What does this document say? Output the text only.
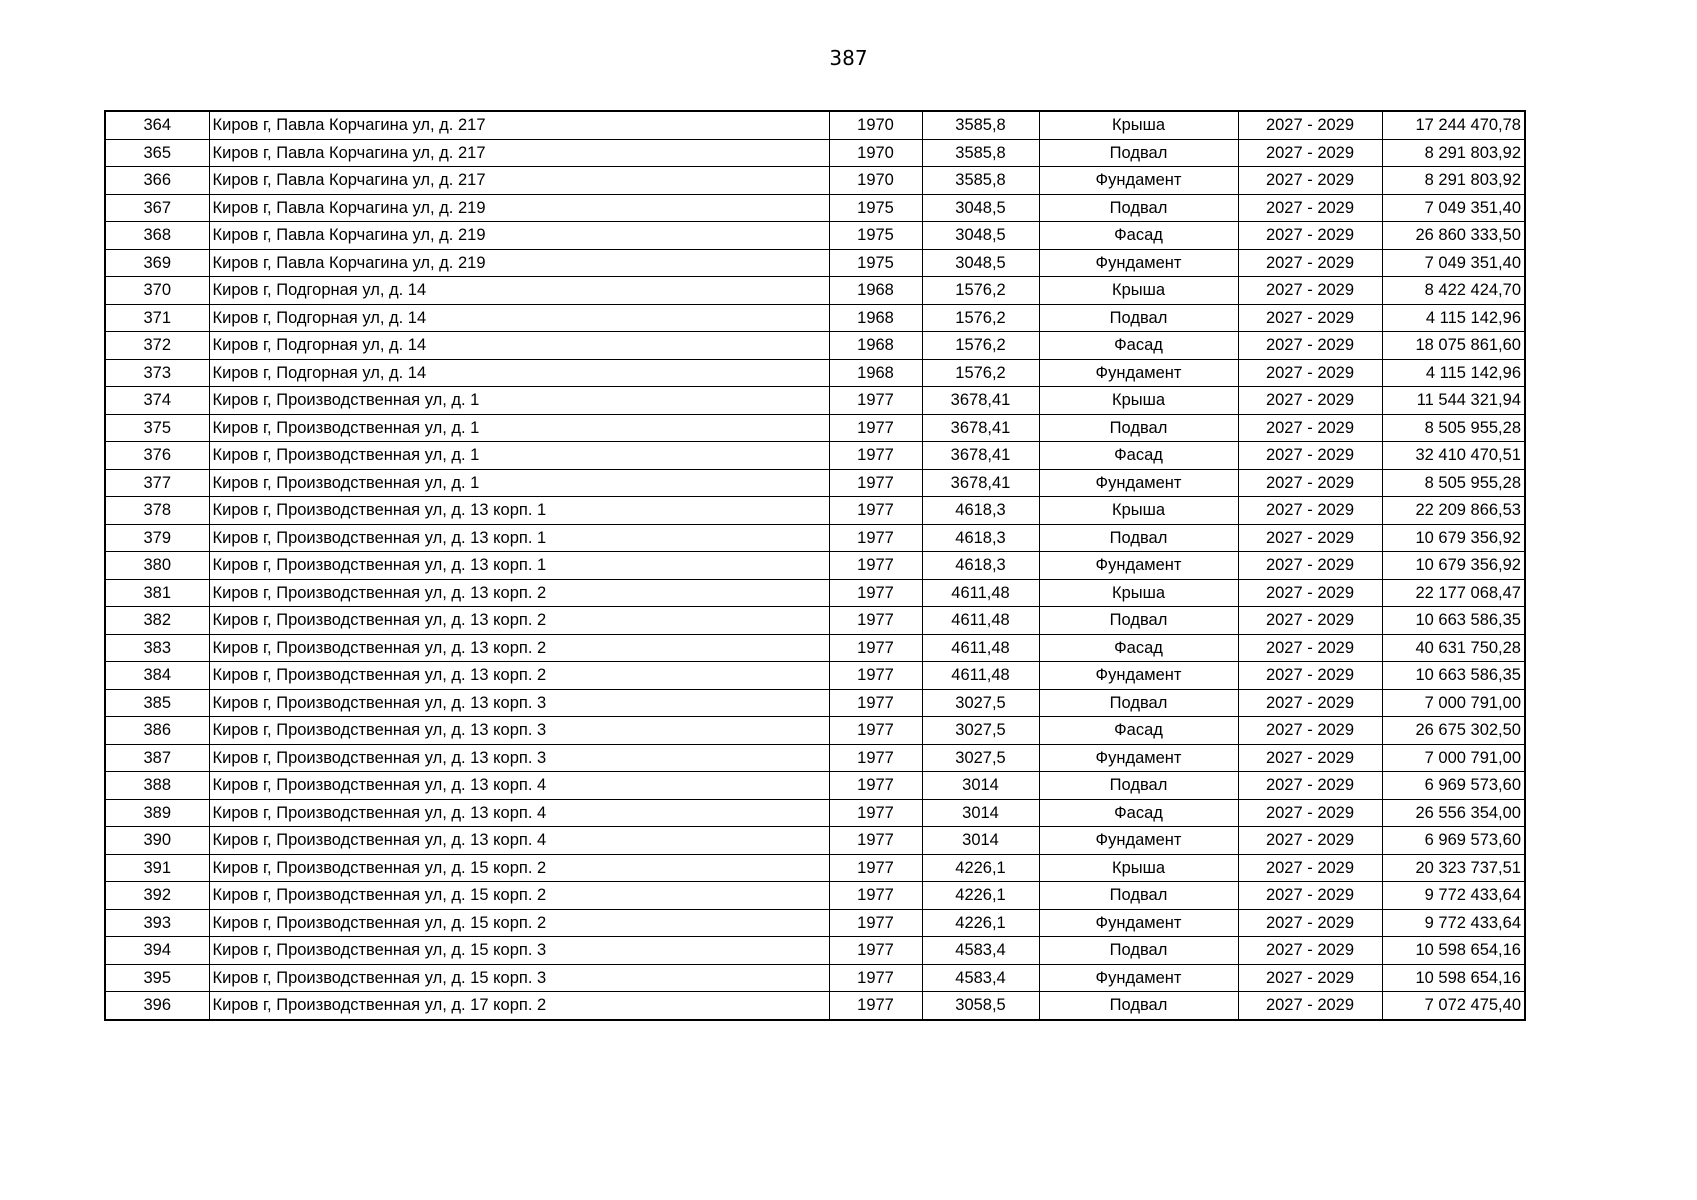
387
364	Киров г, Павла Корчагина ул, д. 217	1970	3585,8	Крыша	2027 - 2029	17 244 470,78
365	Киров г, Павла Корчагина ул, д. 217	1970	3585,8	Подвал	2027 - 2029	8 291 803,92
366	Киров г, Павла Корчагина ул, д. 217	1970	3585,8	Фундамент	2027 - 2029	8 291 803,92
367	Киров г, Павла Корчагина ул, д. 219	1975	3048,5	Подвал	2027 - 2029	7 049 351,40
368	Киров г, Павла Корчагина ул, д. 219	1975	3048,5	Фасад	2027 - 2029	26 860 333,50
369	Киров г, Павла Корчагина ул, д. 219	1975	3048,5	Фундамент	2027 - 2029	7 049 351,40
370	Киров г, Подгорная ул, д. 14	1968	1576,2	Крыша	2027 - 2029	8 422 424,70
371	Киров г, Подгорная ул, д. 14	1968	1576,2	Подвал	2027 - 2029	4 115 142,96
372	Киров г, Подгорная ул, д. 14	1968	1576,2	Фасад	2027 - 2029	18 075 861,60
373	Киров г, Подгорная ул, д. 14	1968	1576,2	Фундамент	2027 - 2029	4 115 142,96
374	Киров г, Производственная ул, д. 1	1977	3678,41	Крыша	2027 - 2029	11 544 321,94
375	Киров г, Производственная ул, д. 1	1977	3678,41	Подвал	2027 - 2029	8 505 955,28
376	Киров г, Производственная ул, д. 1	1977	3678,41	Фасад	2027 - 2029	32 410 470,51
377	Киров г, Производственная ул, д. 1	1977	3678,41	Фундамент	2027 - 2029	8 505 955,28
378	Киров г, Производственная ул, д. 13 корп. 1	1977	4618,3	Крыша	2027 - 2029	22 209 866,53
379	Киров г, Производственная ул, д. 13 корп. 1	1977	4618,3	Подвал	2027 - 2029	10 679 356,92
380	Киров г, Производственная ул, д. 13 корп. 1	1977	4618,3	Фундамент	2027 - 2029	10 679 356,92
381	Киров г, Производственная ул, д. 13 корп. 2	1977	4611,48	Крыша	2027 - 2029	22 177 068,47
382	Киров г, Производственная ул, д. 13 корп. 2	1977	4611,48	Подвал	2027 - 2029	10 663 586,35
383	Киров г, Производственная ул, д. 13 корп. 2	1977	4611,48	Фасад	2027 - 2029	40 631 750,28
384	Киров г, Производственная ул, д. 13 корп. 2	1977	4611,48	Фундамент	2027 - 2029	10 663 586,35
385	Киров г, Производственная ул, д. 13 корп. 3	1977	3027,5	Подвал	2027 - 2029	7 000 791,00
386	Киров г, Производственная ул, д. 13 корп. 3	1977	3027,5	Фасад	2027 - 2029	26 675 302,50
387	Киров г, Производственная ул, д. 13 корп. 3	1977	3027,5	Фундамент	2027 - 2029	7 000 791,00
388	Киров г, Производственная ул, д. 13 корп. 4	1977	3014	Подвал	2027 - 2029	6 969 573,60
389	Киров г, Производственная ул, д. 13 корп. 4	1977	3014	Фасад	2027 - 2029	26 556 354,00
390	Киров г, Производственная ул, д. 13 корп. 4	1977	3014	Фундамент	2027 - 2029	6 969 573,60
391	Киров г, Производственная ул, д. 15 корп. 2	1977	4226,1	Крыша	2027 - 2029	20 323 737,51
392	Киров г, Производственная ул, д. 15 корп. 2	1977	4226,1	Подвал	2027 - 2029	9 772 433,64
393	Киров г, Производственная ул, д. 15 корп. 2	1977	4226,1	Фундамент	2027 - 2029	9 772 433,64
394	Киров г, Производственная ул, д. 15 корп. 3	1977	4583,4	Подвал	2027 - 2029	10 598 654,16
395	Киров г, Производственная ул, д. 15 корп. 3	1977	4583,4	Фундамент	2027 - 2029	10 598 654,16
396	Киров г, Производственная ул, д. 17 корп. 2	1977	3058,5	Подвал	2027 - 2029	7 072 475,40
